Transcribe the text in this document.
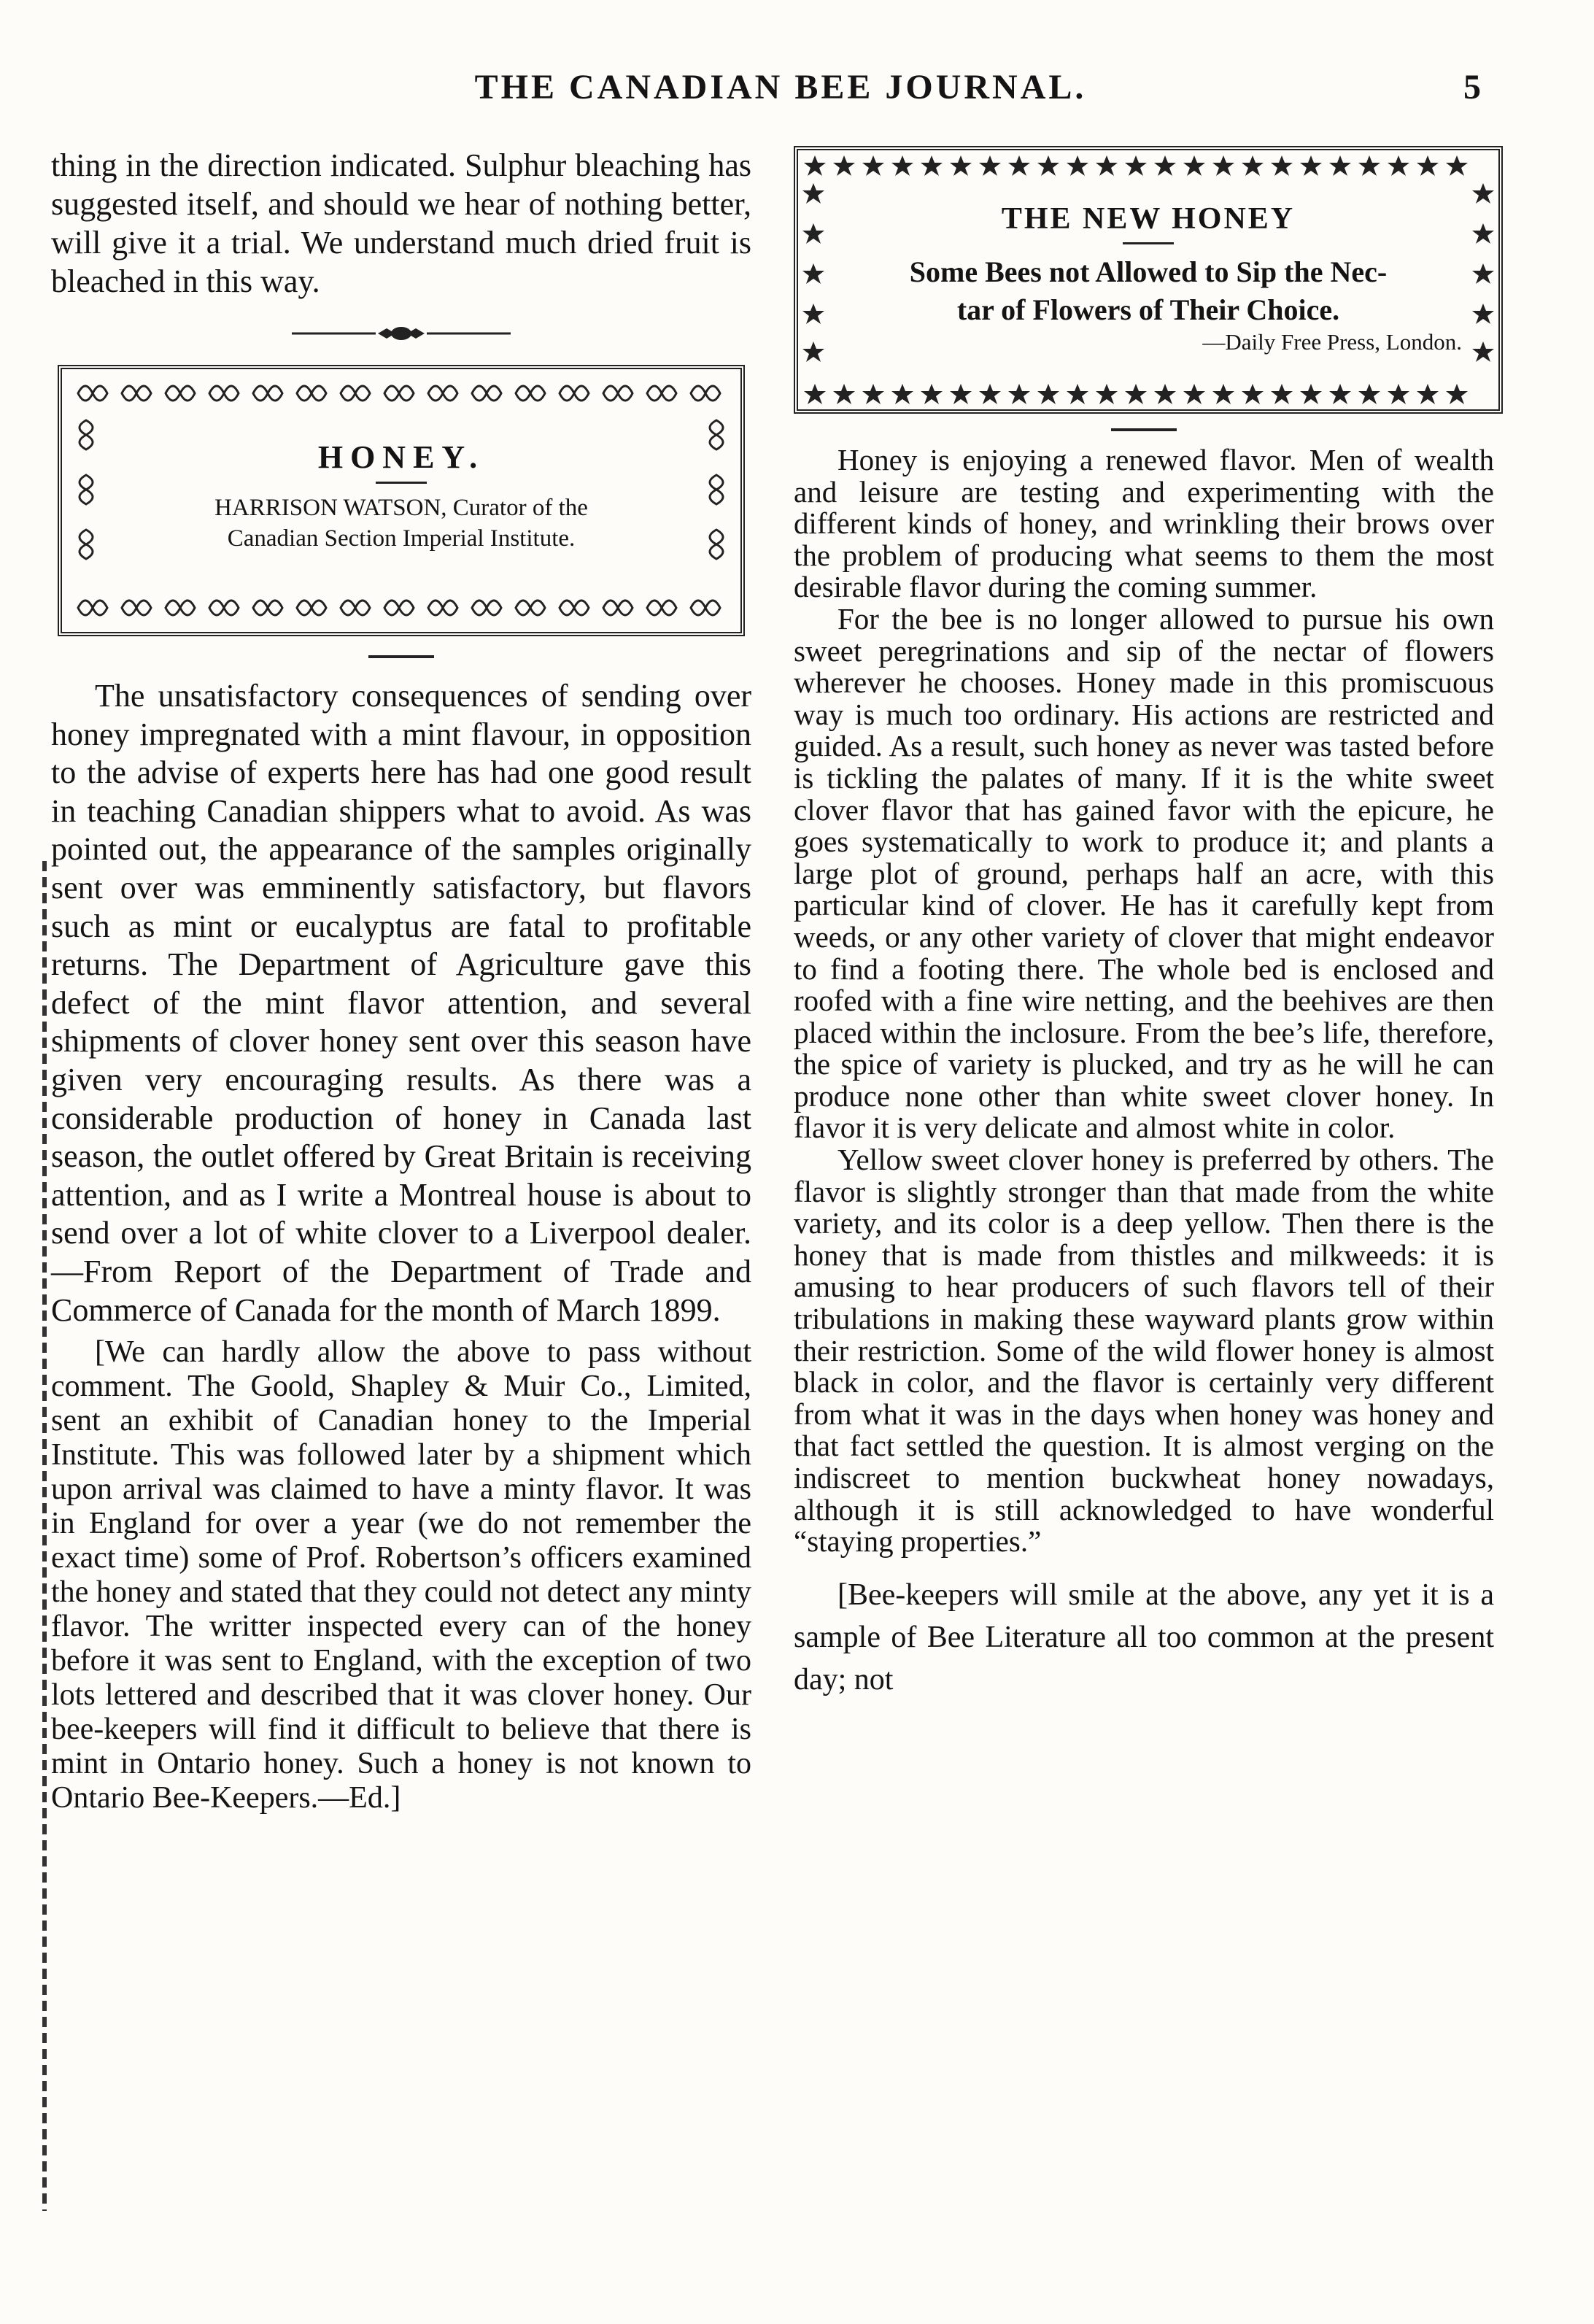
THE CANADIAN BEE JOURNAL.	5

thing in the direction indicated. Sulphur bleaching has suggested itself, and should we hear of nothing better, will give it a trial. We understand much dried fruit is bleached in this way.

HONEY.

HARRISON WATSON, Curator of the

Canadian Section Imperial Institute.

The unsatisfactory consequences of sending over honey impregnated with a mint flavour, in opposition to the advise of experts here has had one good result in teaching Canadian shippers what to avoid. As was pointed out, the appearance of the samples originally sent over was emminently satisfactory, but flavors such as mint or eucalyptus are fatal to profitable returns. The Department of Agriculture gave this defect of the mint flavor attention, and several shipments of clover honey sent over this season have given very encouraging results. As there was a considerable production of honey in Canada last season, the outlet offered by Great Britain is receiving attention, and as I write a Montreal house is about to send over a lot of white clover to a Liverpool dealer.—From Report of the Department of Trade and Commerce of Canada for the month of March 1899.

[We can hardly allow the above to pass without comment. The Goold, Shapley & Muir Co., Limited, sent an exhibit of Canadian honey to the Imperial Institute. This was followed later by a shipment which upon arrival was claimed to have a minty flavor. It was in England for over a year (we do not remember the exact time) some of Prof. Robertson’s officers examined the honey and stated that they could not detect any minty flavor. The writter inspected every can of the honey before it was sent to England, with the exception of two lots lettered and described that it was clover honey. Our bee-keepers will find it difficult to believe that there is mint in Ontario honey. Such a honey is not known to Ontario Bee-Keepers.—Ed.]

THE NEW HONEY

Some Bees not Allowed to Sip the Nec-

tar of Flowers of Their Choice.

—Daily Free Press, London.

Honey is enjoying a renewed flavor. Men of wealth and leisure are testing and experimenting with the different kinds of honey, and wrinkling their brows over the problem of producing what seems to them the most desirable flavor during the coming summer.

For the bee is no longer allowed to pursue his own sweet peregrinations and sip of the nectar of flowers wherever he chooses. Honey made in this promiscuous way is much too ordinary. His actions are restricted and guided. As a result, such honey as never was tasted before is tickling the palates of many. If it is the white sweet clover flavor that has gained favor with the epicure, he goes systematically to work to produce it; and plants a large plot of ground, perhaps half an acre, with this particular kind of clover. He has it carefully kept from weeds, or any other variety of clover that might endeavor to find a footing there. The whole bed is enclosed and roofed with a fine wire netting, and the beehives are then placed within the inclosure. From the bee’s life, therefore, the spice of variety is plucked, and try as he will he can produce none other than white sweet clover honey. In flavor it is very delicate and almost white in color.

Yellow sweet clover honey is preferred by others. The flavor is slightly stronger than that made from the white variety, and its color is a deep yellow. Then there is the honey that is made from thistles and milkweeds: it is amusing to hear producers of such flavors tell of their tribulations in making these wayward plants grow within their restriction. Some of the wild flower honey is almost black in color, and the flavor is certainly very different from what it was in the days when honey was honey and that fact settled the question. It is almost verging on the indiscreet to mention buckwheat honey nowadays, although it is still acknowledged to have wonderful “staying properties.”

[Bee-keepers will smile at the above, any yet it is a sample of Bee Literature all too common at the present day; not
